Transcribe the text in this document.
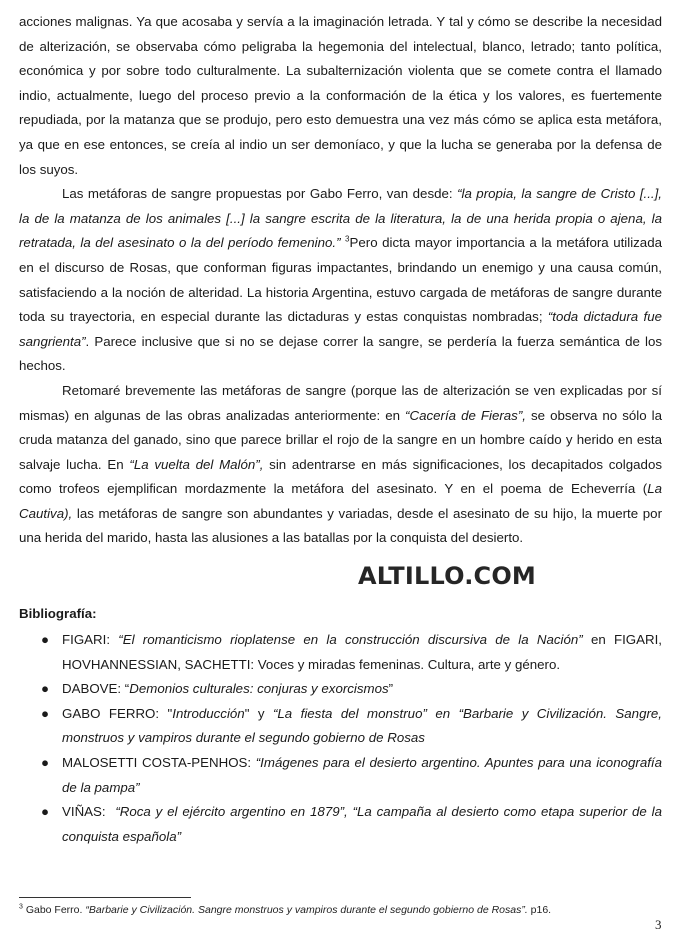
acciones malignas. Ya que acosaba y servía a la imaginación letrada. Y tal y cómo se describe la necesidad de alterización, se observaba cómo peligraba la hegemonia del intelectual, blanco, letrado; tanto política, económica y por sobre todo culturalmente. La subalternización violenta que se comete contra el llamado indio, actualmente, luego del proceso previo a la conformación de la ética y los valores, es fuertemente repudiada, por la matanza que se produjo, pero esto demuestra una vez más cómo se aplica esta metáfora, ya que en ese entonces, se creía al indio un ser demoníaco, y que la lucha se generaba por la defensa de los suyos.

Las metáforas de sangre propuestas por Gabo Ferro, van desde: “la propia, la sangre de Cristo [...], la de la matanza de los animales [...] la sangre escrita de la literatura, la de una herida propia o ajena, la retratada, la del asesinato o la del período femenino.” $^3$Pero dicta mayor importancia a la metáfora utilizada en el discurso de Rosas, que conforman figuras impactantes, brindando un enemigo y una causa común, satisfaciendo a la noción de alteridad. La historia Argentina, estuvo cargada de metáforas de sangre durante toda su trayectoria, en especial durante las dictaduras y estas conquistas nombradas; “toda dictadura fue sangrienta”. Parece inclusive que si no se dejase correr la sangre, se perdería la fuerza semántica de los hechos.

Retomaré brevemente las metáforas de sangre (porque las de alterización se ven explicadas por sí mismas) en algunas de las obras analizadas anteriormente: en “Cacería de Fieras”, se observa no sólo la cruda matanza del ganado, sino que parece brillar el rojo de la sangre en un hombre caído y herido en esta salvaje lucha. En “La vuelta del Malón”, sin adentrarse en más significaciones, los decapitados colgados como trofeos ejemplifican mordazmente la metáfora del asesinato. Y en el poema de Echeverría (La Cautiva), las metáforas de sangre son abundantes y variadas, desde el asesinato de su hijo, la muerte por una herida del marido, hasta las alusiones a las batallas por la conquista del desierto.

ALTILLO.COM

Bibliografía:

● FIGARI: “El romanticismo rioplatense en la construcción discursiva de la Nación” en FIGARI, HOVHANNESSIAN, SACHETTI: Voces y miradas femeninas. Cultura, arte y género.
● DABOVE: “Demonios culturales: conjuras y exorcismos”
● GABO FERRO: "Introducción" y “La fiesta del monstruo” en “Barbarie y Civilización. Sangre, monstruos y vampiros durante el segundo gobierno de Rosas
● MALOSETTI COSTA-PENHOS: “Imágenes para el desierto argentino. Apuntes para una iconografía de la pampa”
● VIÑAS:  “Roca y el ejército argentino en 1879”, “La campaña al desierto como etapa superior de la conquista española”
$^3$ Gabo Ferro. “Barbarie y Civilización. Sangre monstruos y vampiros durante el segundo gobierno de Rosas”. p16.
3
